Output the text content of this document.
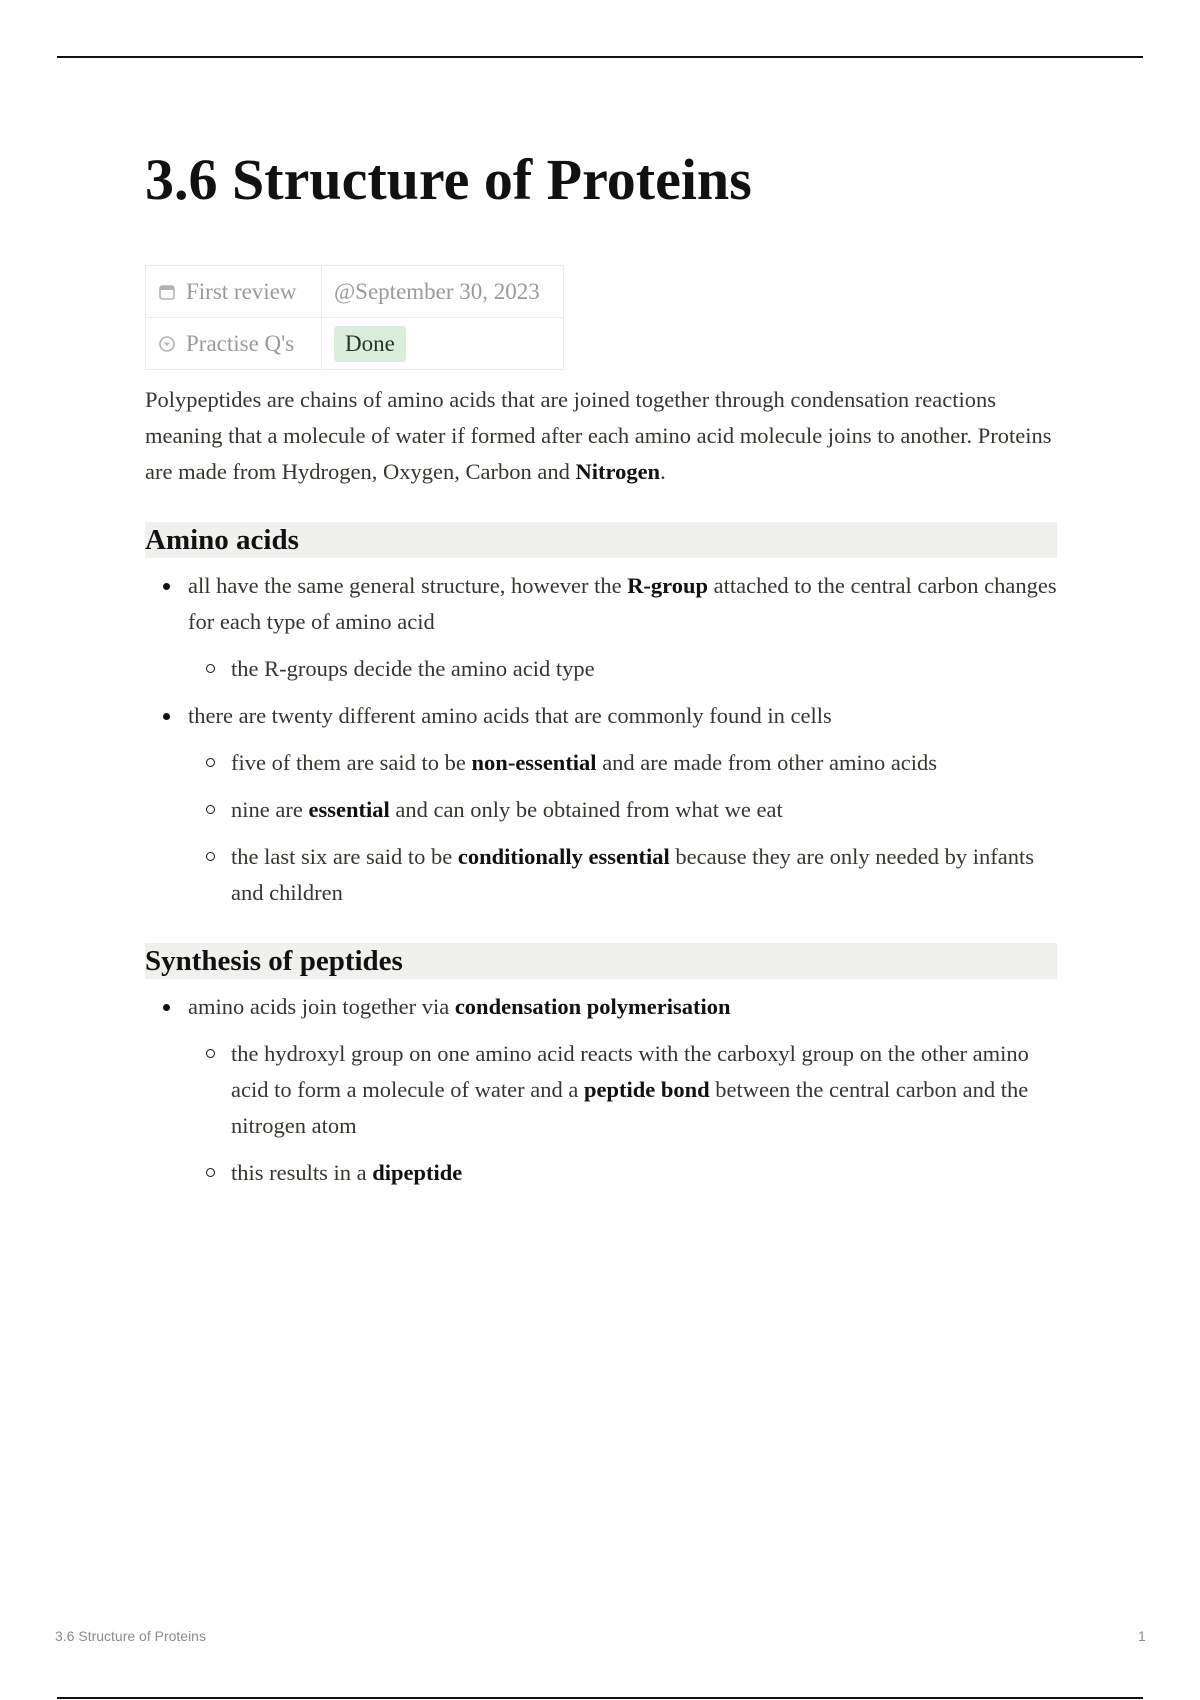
3.6 Structure of Proteins
First review	@September 30, 2023

Practise Q's	Done

Polypeptides are chains of amino acids that are joined together through condensation reactions meaning that a molecule of water if formed after each amino acid molecule joins to another. Proteins are made from Hydrogen, Oxygen, Carbon and Nitrogen.

Amino acids
all have the same general structure, however the R-group attached to the central carbon changes for each type of amino acid
the R-groups decide the amino acid type
there are twenty different amino acids that are commonly found in cells
five of them are said to be non-essential and are made from other amino acids
nine are essential and can only be obtained from what we eat
the last six are said to be conditionally essential because they are only needed by infants and children
Synthesis of peptides
amino acids join together via condensation polymerisation
the hydroxyl group on one amino acid reacts with the carboxyl group on the other amino acid to form a molecule of water and a peptide bond between the central carbon and the nitrogen atom
this results in a dipeptide
3.6 Structure of Proteins	1
